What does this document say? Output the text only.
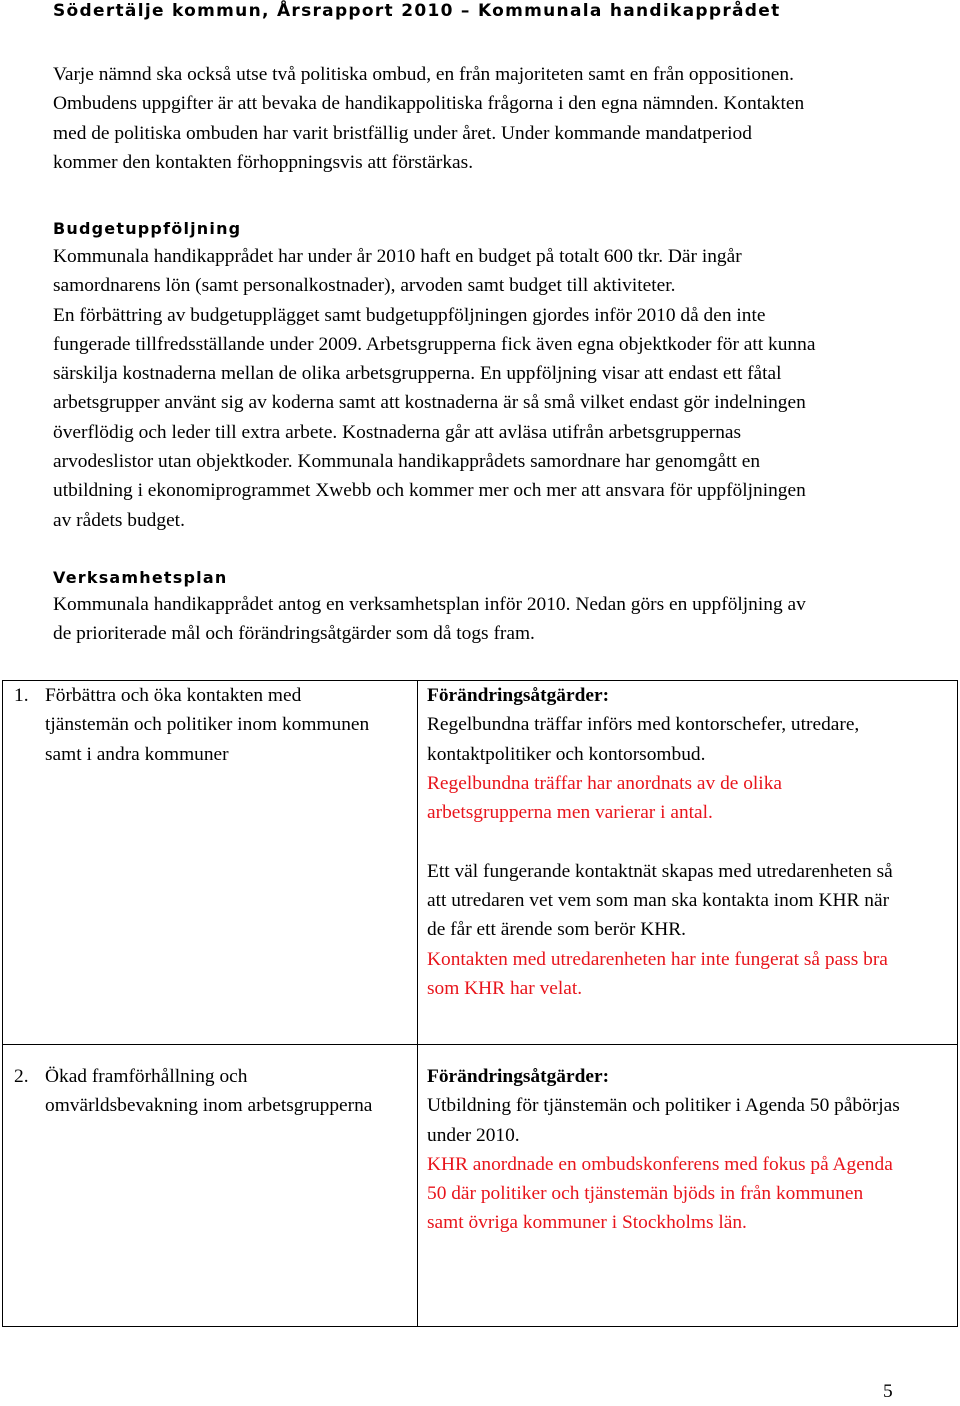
Södertälje kommun, Årsrapport 2010 – Kommunala handikapprådet
Varje nämnd ska också utse två politiska ombud, en från majoriteten samt en från oppositionen.
Ombudens uppgifter är att bevaka de handikappolitiska frågorna i den egna nämnden. Kontakten
med de politiska ombuden har varit bristfällig under året. Under kommande mandatperiod
kommer den kontakten förhoppningsvis att förstärkas.
Budgetuppföljning
Kommunala handikapprådet har under år 2010 haft en budget på totalt 600 tkr. Där ingår
samordnarens lön (samt personalkostnader), arvoden samt budget till aktiviteter.
En förbättring av budgetupplägget samt budgetuppföljningen gjordes inför 2010 då den inte
fungerade tillfredsställande under 2009. Arbetsgrupperna fick även egna objektkoder för att kunna
särskilja kostnaderna mellan de olika arbetsgrupperna. En uppföljning visar att endast ett fåtal
arbetsgrupper använt sig av koderna samt att kostnaderna är så små vilket endast gör indelningen
överflödig och leder till extra arbete. Kostnaderna går att avläsa utifrån arbetsgruppernas
arvodeslistor utan objektkoder. Kommunala handikapprådets samordnare har genomgått en
utbildning i ekonomiprogrammet Xwebb och kommer mer och mer att ansvara för uppföljningen
av rådets budget.
Verksamhetsplan
Kommunala handikapprådet antog en verksamhetsplan inför 2010. Nedan görs en uppföljning av
de prioriterade mål och förändringsåtgärder som då togs fram.
1. Förbättra och öka kontakten med
tjänstemän och politiker inom kommunen
samt i andra kommuner
Förändringsåtgärder:
Regelbundna träffar införs med kontorschefer, utredare,
kontaktpolitiker och kontorsombud.
Regelbundna träffar har anordnats av de olika
arbetsgrupperna men varierar i antal.
Ett väl fungerande kontaktnät skapas med utredarenheten så
att utredaren vet vem som man ska kontakta inom KHR när
de får ett ärende som berör KHR.
Kontakten med utredarenheten har inte fungerat så pass bra
som KHR har velat.
2. Ökad framförhållning och
omvärldsbevakning inom arbetsgrupperna
Förändringsåtgärder:
Utbildning för tjänstemän och politiker i Agenda 50 påbörjas
under 2010.
KHR anordnade en ombudskonferens med fokus på Agenda
50 där politiker och tjänstemän bjöds in från kommunen
samt övriga kommuner i Stockholms län.
5
